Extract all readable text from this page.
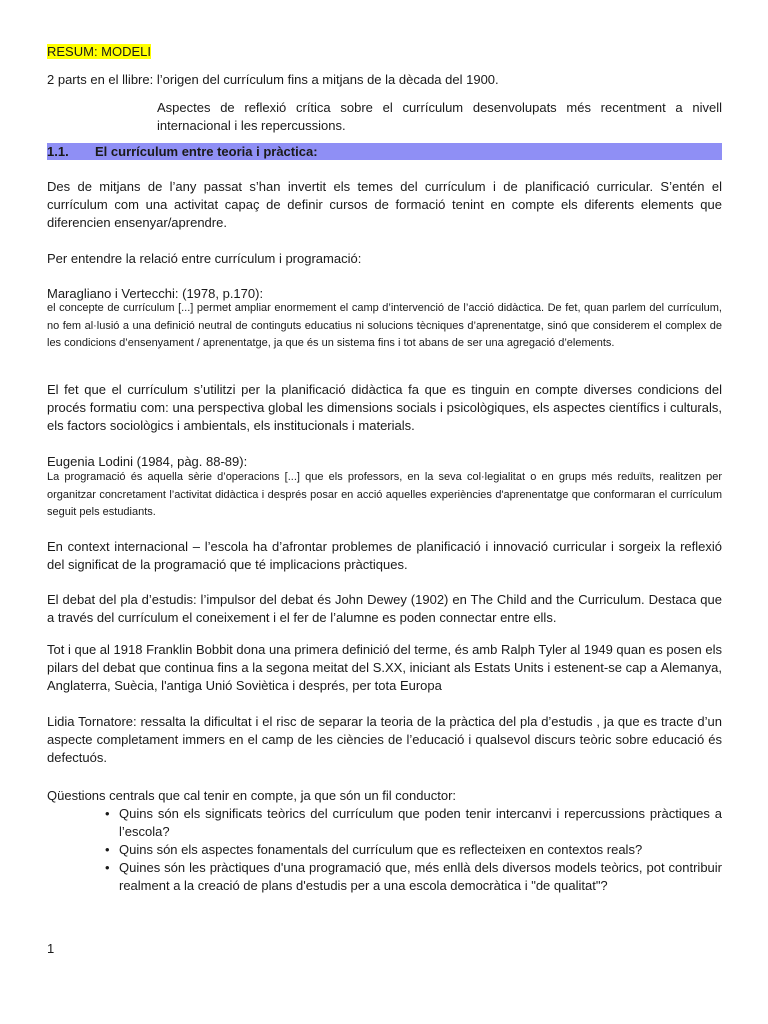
RESUM: MODELI

2 parts en el llibre: l’origen del currículum fins a mitjans de la dècada del 1900.

Aspectes de reflexió crítica sobre el currículum desenvolupats més recentment a nivell internacional i les repercussions.

1.1. El currículum entre teoria i pràctica:

Des de mitjans de l’any passat s’han invertit els temes del currículum i de planificació curricular. S’entén el currículum com una activitat capaç de definir cursos de formació tenint en compte els diferents elements que diferencien ensenyar/aprendre.

Per entendre la relació entre currículum i programació:

Maragliano i Vertecchi: (1978, p.170):

el concepte de currículum [...] permet ampliar enormement el camp d’intervenció de l’acció didàctica. De fet, quan parlem del currículum, no fem al·lusió a una definició neutral de continguts educatius ni solucions tècniques d’aprenentatge, sinó que considerem el complex de les condicions d’ensenyament / aprenentatge, ja que és un sistema fins i tot abans de ser una agregació d’elements.

El fet que el currículum s’utilitzi per la planificació didàctica fa que es tinguin en compte diverses condicions del procés formatiu com: una perspectiva global les dimensions socials i psicològiques, els aspectes científics i culturals, els factors sociològics i ambientals, els institucionals i materials.

Eugenia Lodini (1984, pàg. 88-89):

La programació és aquella sèrie d’operacions [...] que els professors, en la seva col·legialitat o en grups més reduïts, realitzen per organitzar concretament l’activitat didàctica i després posar en acció aquelles experiències d'aprenentatge que conformaran el currículum seguit pels estudiants.

En context internacional – l’escola ha d’afrontar problemes de planificació i innovació curricular i sorgeix la reflexió del significat de la programació que té implicacions pràctiques.

El debat del pla d’estudis: l’impulsor del debat és John Dewey (1902) en The Child and the Curriculum. Destaca que a través del currículum el coneixement i el fer de l’alumne es poden connectar entre ells.

Tot i que al 1918 Franklin Bobbit dona una primera definició del terme, és amb Ralph Tyler al 1949 quan es posen els pilars del debat que continua fins a la segona meitat del S.XX, iniciant als Estats Units i estenent-se cap a Alemanya, Anglaterra, Suècia, l'antiga Unió Soviètica i després, per tota Europa

Lidia Tornatore: ressalta la dificultat i el risc de separar la teoria de la pràctica del pla d’estudis , ja que es tracte d’un aspecte completament immers en el camp de les ciències de l’educació i qualsevol discurs teòric sobre educació és defectuós.

Qüestions centrals que cal tenir en compte, ja que són un fil conductor:

• Quins són els significats teòrics del currículum que poden tenir intercanvi i repercussions pràctiques a l’escola?
• Quins són els aspectes fonamentals del currículum que es reflecteixen en contextos reals?
• Quines són les pràctiques d'una programació que, més enllà dels diversos models teòrics, pot contribuir realment a la creació de plans d'estudis per a una escola democràtica i "de qualitat"?
1
